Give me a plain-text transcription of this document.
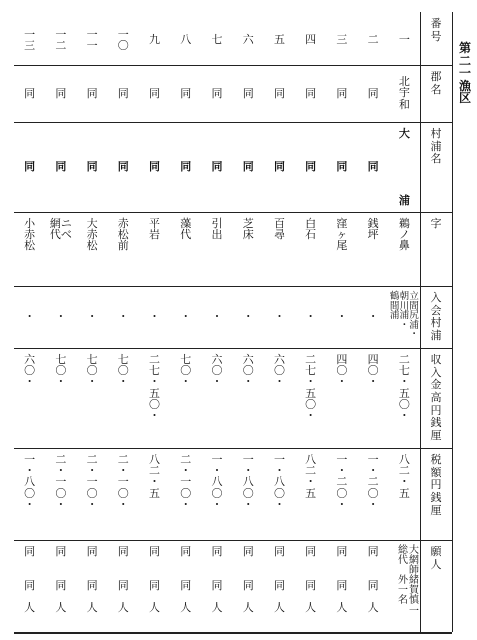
番
号
郡
名
村
浦
名
字
入
会
村
浦
収
入
金
高
円
銭
厘
税
額
円
銭
厘
願
人
第
二
一
漁
区
一
北
宇
和
大

浦
鵜
ノ
鼻
立
間
尻
浦
・
朝
川
浦
・
鶴
間
浦
二
七
・
五
〇
・
八
二
・
五
大
網
師
総
代
緒
賀
慎
一
外
一
名
二
同
同
銭
坪
・
四
〇
・
一
・
二
〇
・
同
同

人
三
同
同
窪
ヶ
尾
・
四
〇
・
一
・
二
〇
・
同
同

人
四
同
同
白
石
・
二
七
・
五
〇
・
八
二
・
五
同
同

人
五
同
同
百
尋
・
六
〇
・
一
・
八
〇
・
同
同

人
六
同
同
芝
床
・
六
〇
・
一
・
八
〇
・
同
同

人
七
同
同
引
出
・
六
〇
・
一
・
八
〇
・
同
同

人
八
同
同
藻
代
・
七
〇
・
二
・
一
〇
・
同
同

人
九
同
同
平
岩
・
二
七
・
五
〇
・
八
二
・
五
同
同

人
一
〇
同
同
赤
松
前
・
七
〇
・
二
・
一
〇
・
同
同

人
一
一
同
同
大
赤
松
・
七
〇
・
二
・
一
〇
・
同
同

人
一
二
同
同
ニ
ベ
網
代
・
七
〇
・
二
・
一
〇
・
同
同

人
一
三
同
同
小
赤
松
・
六
〇
・
一
・
八
〇
・
同
同

人
